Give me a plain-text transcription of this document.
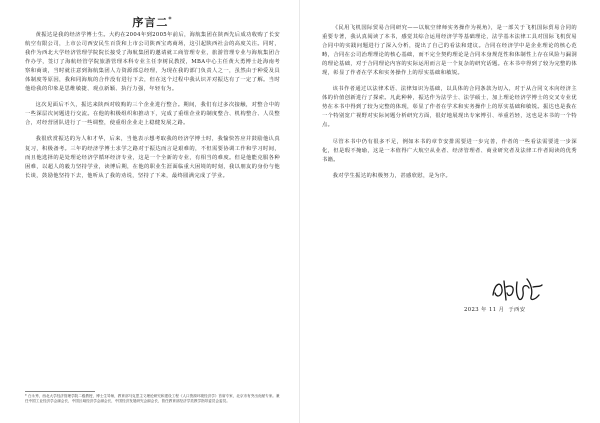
序言二*

黄振达是我的经济学博士生。大约在2004年到2005年前后，海航集团在陕西先后成功收购了长安航空有限公司，上市公司西安民生百货和上市公司陕西宝鸡商场，这引起陕西社会的高度关注。同时，我作为西北大学经济管理学院院长接受了海航集团的邀请就工商管理专业，旅游管理专业与海航集团合作办学，签订了海航经管学院旅游管理本科专业主任李树民教授，MBA中心主任黄大勇博士赴海南考察和商谈，当时就注意到海航集团人力资源部总经理，为现在我的部门负责人之一，虽然由于种爱及具体制度等原因，我和同海航的合作没有进行下去，但在这个过程中我认识并对振达有了一定了解。当时他给我的印象是思维敏捷、观点新颖、执行力强，年轻有为。

这次见面后不久，振达来陕西对收购的三个企业进行整合。期间，我们有过多次接触，对整合中的一些深层次问题进行交流。在他的积极组织和推动下，完成了重组企业的制度整合、机构整合、人员整合，对经营团队进行了一些调整，使重组企业走上稳健发展之路。

我很欣赏振达的为人和才华，后来，当他表示想考取我的经济学博士时，我愉快答应并鼓励他认真复习，积极备考。三年的经济学博士求学之路对于振达而言是艰难的，不但需要协调工作和学习时间，而且他选择的是处理论经济学循环经济专业，这是一个全新的专业，有相当的难度。但是他能克服各种困难，以超人的毅力坚持学业，读博后期，在他的职业生涯面临重大困境的时刻，我以朋友的身份与他长谈，鼓励他坚持下去，他听从了我的劝说，坚持了下来，最终圆满完成了学业。

* 白永秀，西北大学经济管理学院二级教授，博士生导师，教育部马克思主义理论研究和建设工程《人口资源环境经济学》首席专家，北京市有突出贡献专家。兼任中国工业经济学会副会长，中国区域经济学会副会长，中国经济发展研究会副会长，曾任教育部经济学类教学指导委员会委员。

《民用飞机国际贸易合同研究——以航空律师实务操作为视角》，是一部关于飞机国际贸易合同的重要专著，我认真阅读了本书，感觉其综合运用经济学等基础理论，法学基本法律工具对国际飞机贸易合同中的实践问题进行了深入分析，提出了自己的看法和建议。合同在经济学中是企业理论的核心范畴，合同在公司治理理论的核心基础，而不完全契约理论是合同本身规范性和体制性上存在风险与漏洞的理论基础，对于合同理论内容的实际运用而言是一个复杂的研究话题。在本书中得到了较为完整的体现，彰显了作者在学术和实务操作上的厚实基础和敏锐。

该书作者通过以法律术语、法律知识为基础，以具体的合同条款为切入，对于从合同文本向经济主体的价值创新进行了探索。凡此种种，振达作为法学士、法学硕士，加上理论经济学博士的交叉专业优势在本书中得到了较为完整的体现，彰显了作者在学术和实务操作上的厚实基础和敏锐。振达也是我在一个特别宽广视野对实际问题分析研究方面，很好地展现出专家博引、举重若轻，这也是本书的一个特点。

尽管本书中仍有很多不足，例如本书的章节安排需要进一步完善，作者的一些看法需要进一步深化，但是瑕不掩瑜，这是一本值得广大航空从业者、经济管理者、商业研究者及法律工作者阅读的优秀书籍。

我对学生振达的积极努力，甚感欣慰，是为序。

2023 年 11 月 于西安
